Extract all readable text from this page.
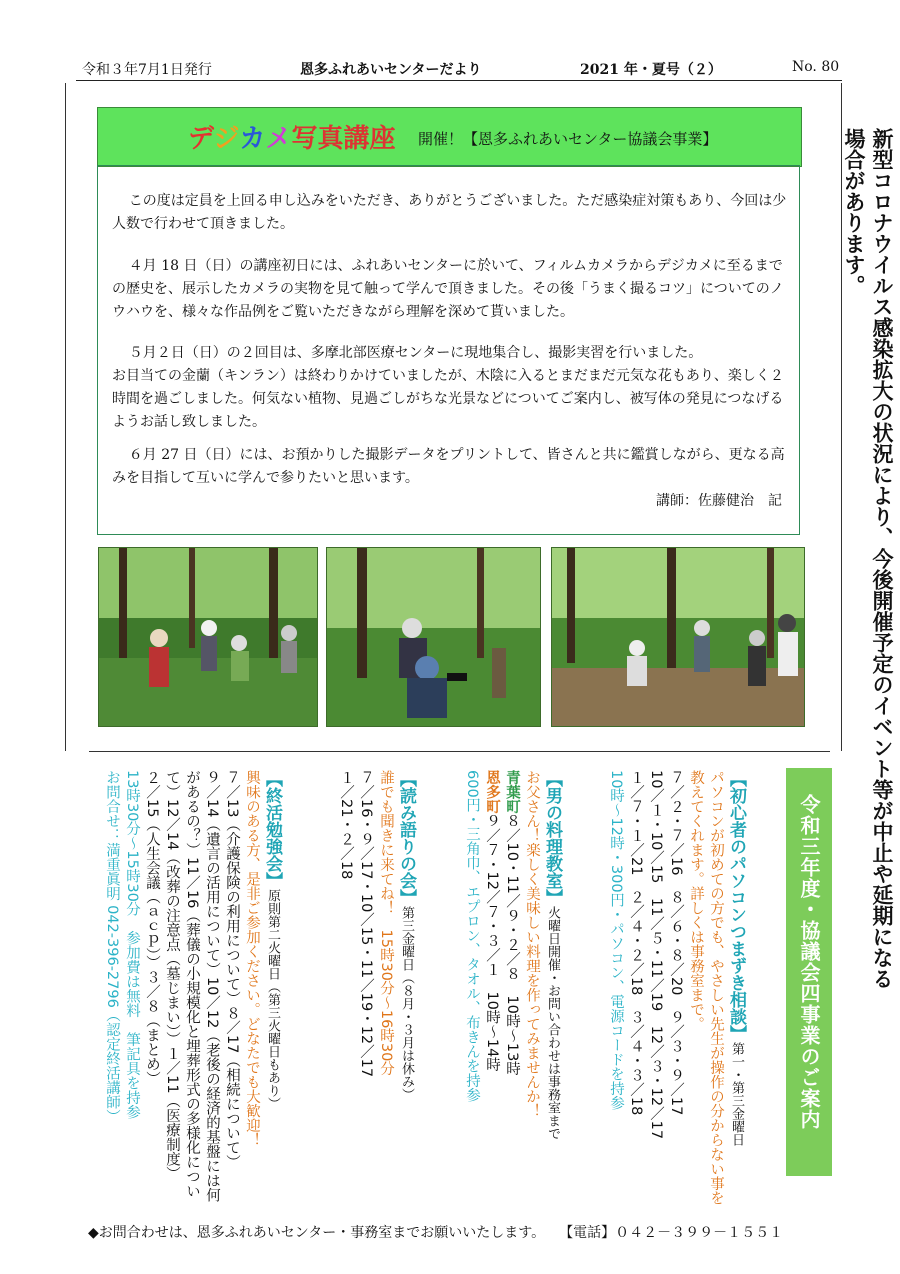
令和３年7月1日発行	恩多ふれあいセンターだより	2021 年・夏号（２）	No. 80
デジカメ写真講座 開催！【恩多ふれあいセンター協議会事業】
この度は定員を上回る申し込みをいただき、ありがとうございました。ただ感染症対策もあり、今回は少人数で行わせて頂きました。
４月 18 日（日）の講座初日には、ふれあいセンターに於いて、フィルムカメラからデジカメに至るまでの歴史を、展示したカメラの実物を見て触って学んで頂きました。その後「うまく撮るコツ」についてのノウハウを、様々な作品例をご覧いただきながら理解を深めて貰いました。

５月２日（日）の２回目は、多摩北部医療センターに現地集合し、撮影実習を行いました。

お目当ての金蘭（キンラン）は終わりかけていましたが、木陰に入るとまだまだ元気な花もあり、楽しく２時間を過ごしました。何気ない植物、見過ごしがちな光景などについてご案内し、被写体の発見につなげるようお話し致しました。

６月 27 日（日）には、お預かりした撮影データをプリントして、皆さんと共に鑑賞しながら、更なる高みを目指して互いに学んで参りたいと思います。
講師：佐藤健治　記	新型コロナウイルス感染拡大の状況により、今後開催予定のイベント等が中止や延期になる場合があります。
令和三年度・協議会四事業のご案内
【初心者のパソコンつまずき相談】第一・第三金曜日
パソコンが初めての方でも、やさしい先生が操作の分からない事を教えてくれます。詳しくは事務室まで。
７／２・７／16　８／６・８／20　９／３・９／17
10／１・10／15　11／５・11／19　12／３・12／17
１／７・１／21　２／４・２／18　３／４・３／18
10時～12時・300円・パソコン、電源コードを持参
【男の料理教室】火曜日開催・お問い合わせは事務室まで
お父さん！楽しく美味しい料理を作ってみませんか！
青葉町８／10・11／９・２／８　10時～13時
恩多町９／７・12／７・３／１　10時～14時
600円・三角巾、エプロン、タオル、布きんを持参
【読み語りの会】第三金曜日（８月・３月は休み）
誰でも聞きに来てね！　15時30分～16時30分
７／16・９／17・10／15・11／19・12／17
１／21・２／18
【終活勉強会】原則第二火曜日（第三火曜日もあり）
興味のある方、是非ご参加ください。どなたでも大歓迎！
７／13（介護保険の利用について）８／17（相続について）
９／14（遺言の活用について）10／12（老後の経済的基盤には何があるの？）11／16（葬儀の小規模化と埋葬形式の多様化について）12／14（改葬の注意点（墓じまい））１／11（医療制度）
２／15（人生会議（ａｃｐ））３／８（まとめ）
13時30分～15時30分　参加費は無料　筆記具を持参
お問合せ：満重眞明 042-396-2796（認定終活講師）
◆お問合わせは、恩多ふれあいセンター・事務室までお願いいたします。　　【電話】０４２－３９９－１５５１
